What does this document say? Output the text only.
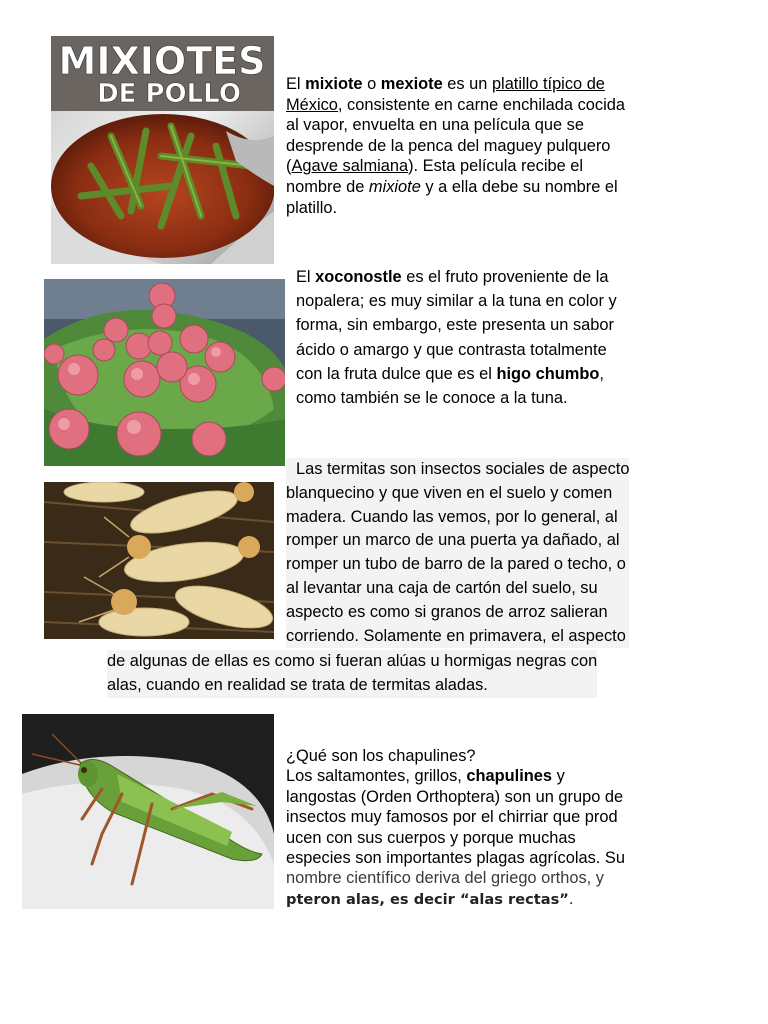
MIXIOTES
DE POLLO	El mixiote o mexiote es un platillo típico de
México, consistente en carne enchilada cocida
al vapor, envuelta en una película que se
desprende de la penca del maguey pulquero
(Agave salmiana). Esta película recibe el
nombre de mixiote y a ella debe su nombre el
platillo.
El xoconostle es el fruto proveniente de la
nopalera; es muy similar a la tuna en color y
forma, sin embargo, este presenta un sabor
ácido o amargo y que contrasta totalmente
con la fruta dulce que es el higo chumbo,
como también se le conoce a la tuna.
Las termitas son insectos sociales de aspecto
blanquecino y que viven en el suelo y comen
madera. Cuando las vemos, por lo general, al
romper un marco de una puerta ya dañado, al
romper un tubo de barro de la pared o techo, o
al levantar una caja de cartón del suelo, su
aspecto es como si granos de arroz salieran
corriendo. Solamente en primavera, el aspecto
de algunas de ellas es como si fueran alúas u hormigas negras con
alas, cuando en realidad se trata de termitas aladas.
¿Qué son los chapulines?
Los saltamontes, grillos, chapulines y
langostas (Orden Orthoptera) son un grupo de
insectos muy famosos por el chirriar que prod
ucen con sus cuerpos y porque muchas
especies son importantes plagas agrícolas. Su
nombre científico deriva del griego orthos, y
pteron alas, es decir “alas rectas”.
